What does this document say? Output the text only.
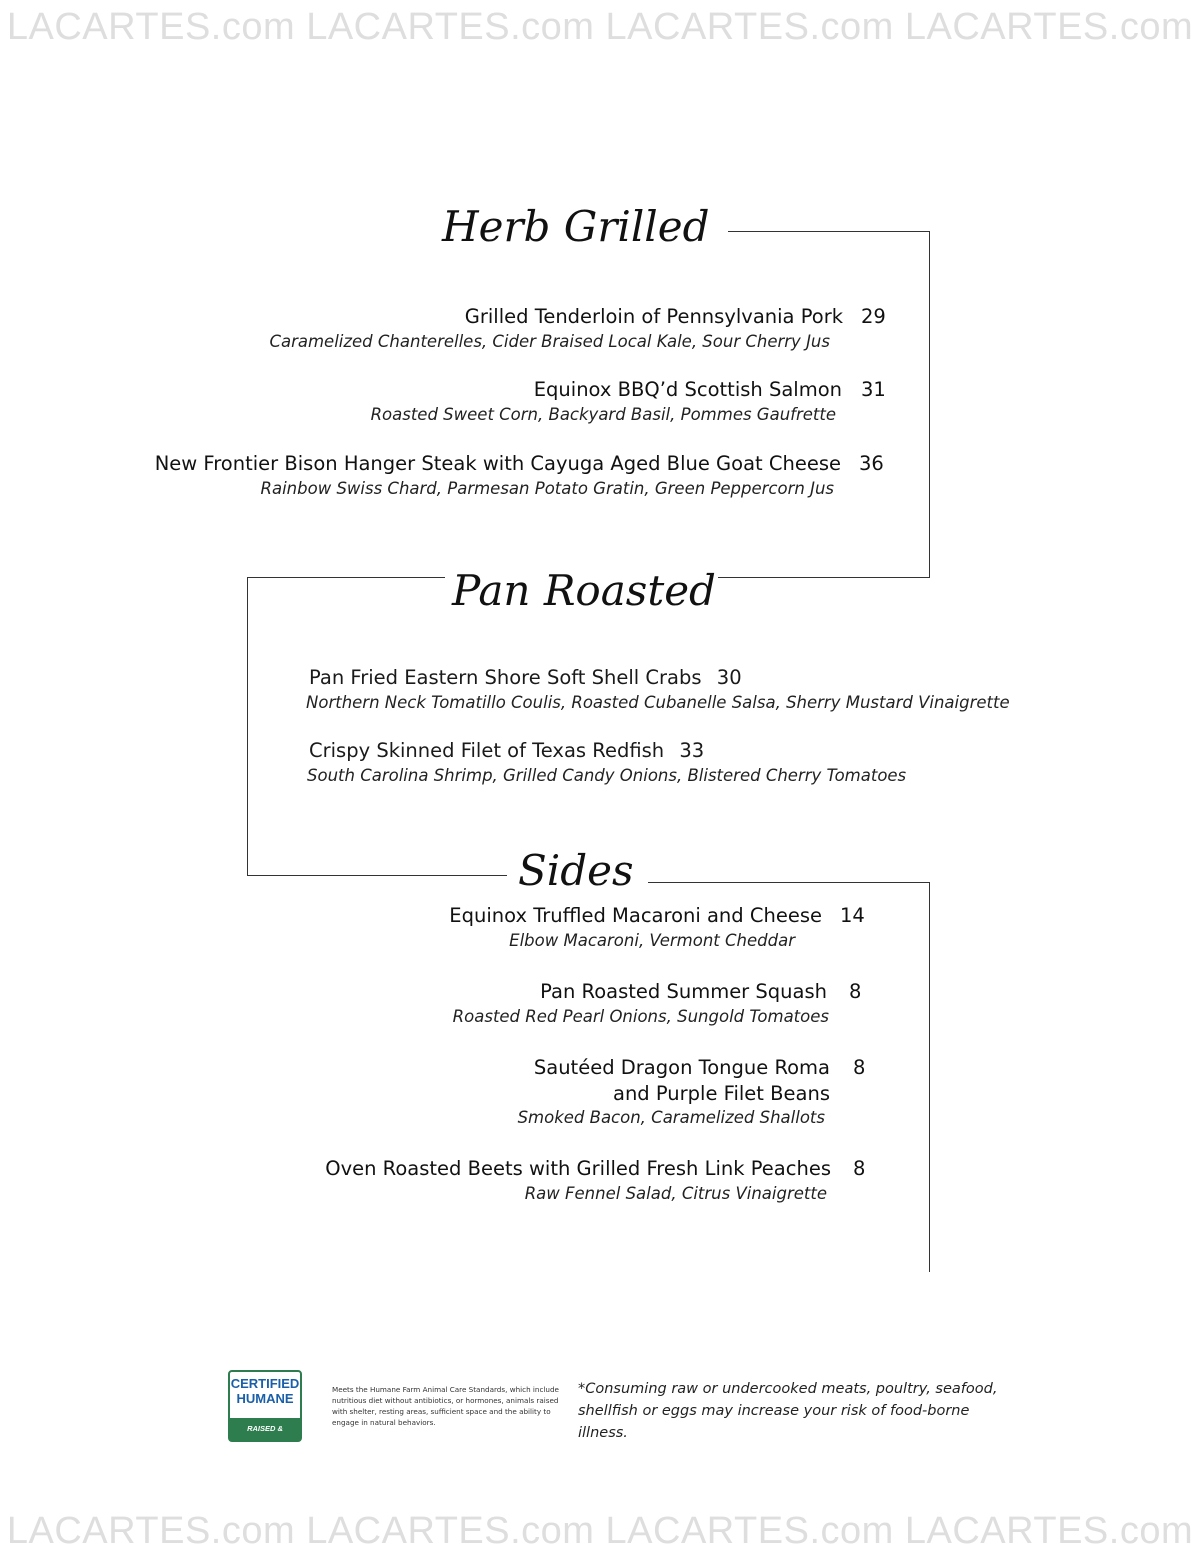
LACARTES.com LACARTES.com LACARTES.com LACARTES.com
LACARTES.com LACARTES.com LACARTES.com LACARTES.com
Herb Grilled
Grilled Tenderloin of Pennsylvania Pork 29
Caramelized Chanterelles, Cider Braised Local Kale, Sour Cherry Jus
Equinox BBQ’d Scottish Salmon 31
Roasted Sweet Corn, Backyard Basil, Pommes Gaufrette
New Frontier Bison Hanger Steak with Cayuga Aged Blue Goat Cheese 36
Rainbow Swiss Chard, Parmesan Potato Gratin, Green Peppercorn Jus
Pan Roasted
Pan Fried Eastern Shore Soft Shell Crabs 30
Northern Neck Tomatillo Coulis, Roasted Cubanelle Salsa, Sherry Mustard Vinaigrette
Crispy Skinned Filet of Texas Redfish 33
South Carolina Shrimp, Grilled Candy Onions, Blistered Cherry Tomatoes
Sides
Equinox Truffled Macaroni and Cheese 14
Elbow Macaroni, Vermont Cheddar
Pan Roasted Summer Squash 8
Roasted Red Pearl Onions, Sungold Tomatoes
Sautéed Dragon Tongue Roma 8
and Purple Filet Beans
Smoked Bacon, Caramelized Shallots
Oven Roasted Beets with Grilled Fresh Link Peaches 8
Raw Fennel Salad, Citrus Vinaigrette
CERTIFIED
HUMANE
RAISED & HANDLED
Meets the Humane Farm Animal Care Standards, which include nutritious diet without antibiotics, or hormones, animals raised with shelter, resting areas, sufficient space and the ability to engage in natural behaviors.
*Consuming raw or undercooked meats, poultry, seafood, shellfish or eggs may increase your risk of food-borne illness.
